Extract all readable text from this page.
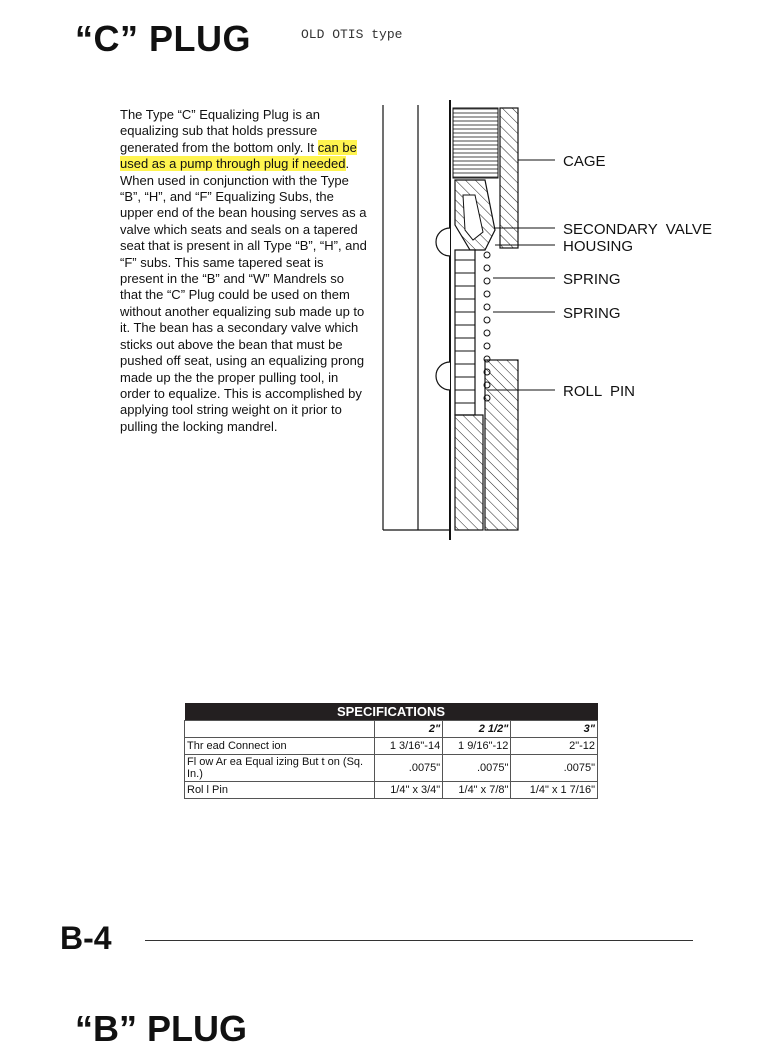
“C” PLUG	OLD OTIS type
The Type “C” Equalizing Plug is an equalizing sub that holds pressure generated from the bottom only. It can be used as a pump through plug if needed. When used in conjunction with the Type “B”, “H”, and “F” Equalizing Subs, the upper end of the bean housing serves as a valve which seats and seals on a tapered seat that is present in all Type “B”, “H”, and “F” subs. This same tapered seat is present in the “B” and “W” Mandrels so that the “C” Plug could be used on them without another equalizing sub made up to it. The bean has a secondary valve which sticks out above the bean that must be pushed off seat, using an equalizing prong made up the the proper pulling tool, in order to equalize. This is accomplished by applying tool string weight on it prior to pulling the locking mandrel.
CAGE
SECONDARY  VALVE
HOUSING
SPRING
SPRING
ROLL  PIN
SPECIFICATIONS			
	2"	2 1/2"	3"
Thr ead Connect ion	1 3/16"-14	1 9/16"-12	2"-12
Fl ow Ar ea Equal izing But t on (Sq. In.)	.0075"	.0075"	.0075"
Rol l Pin	1/4" x 3/4"	1/4" x 7/8"	1/4" x 1 7/16"
B-4
“B” PLUG
